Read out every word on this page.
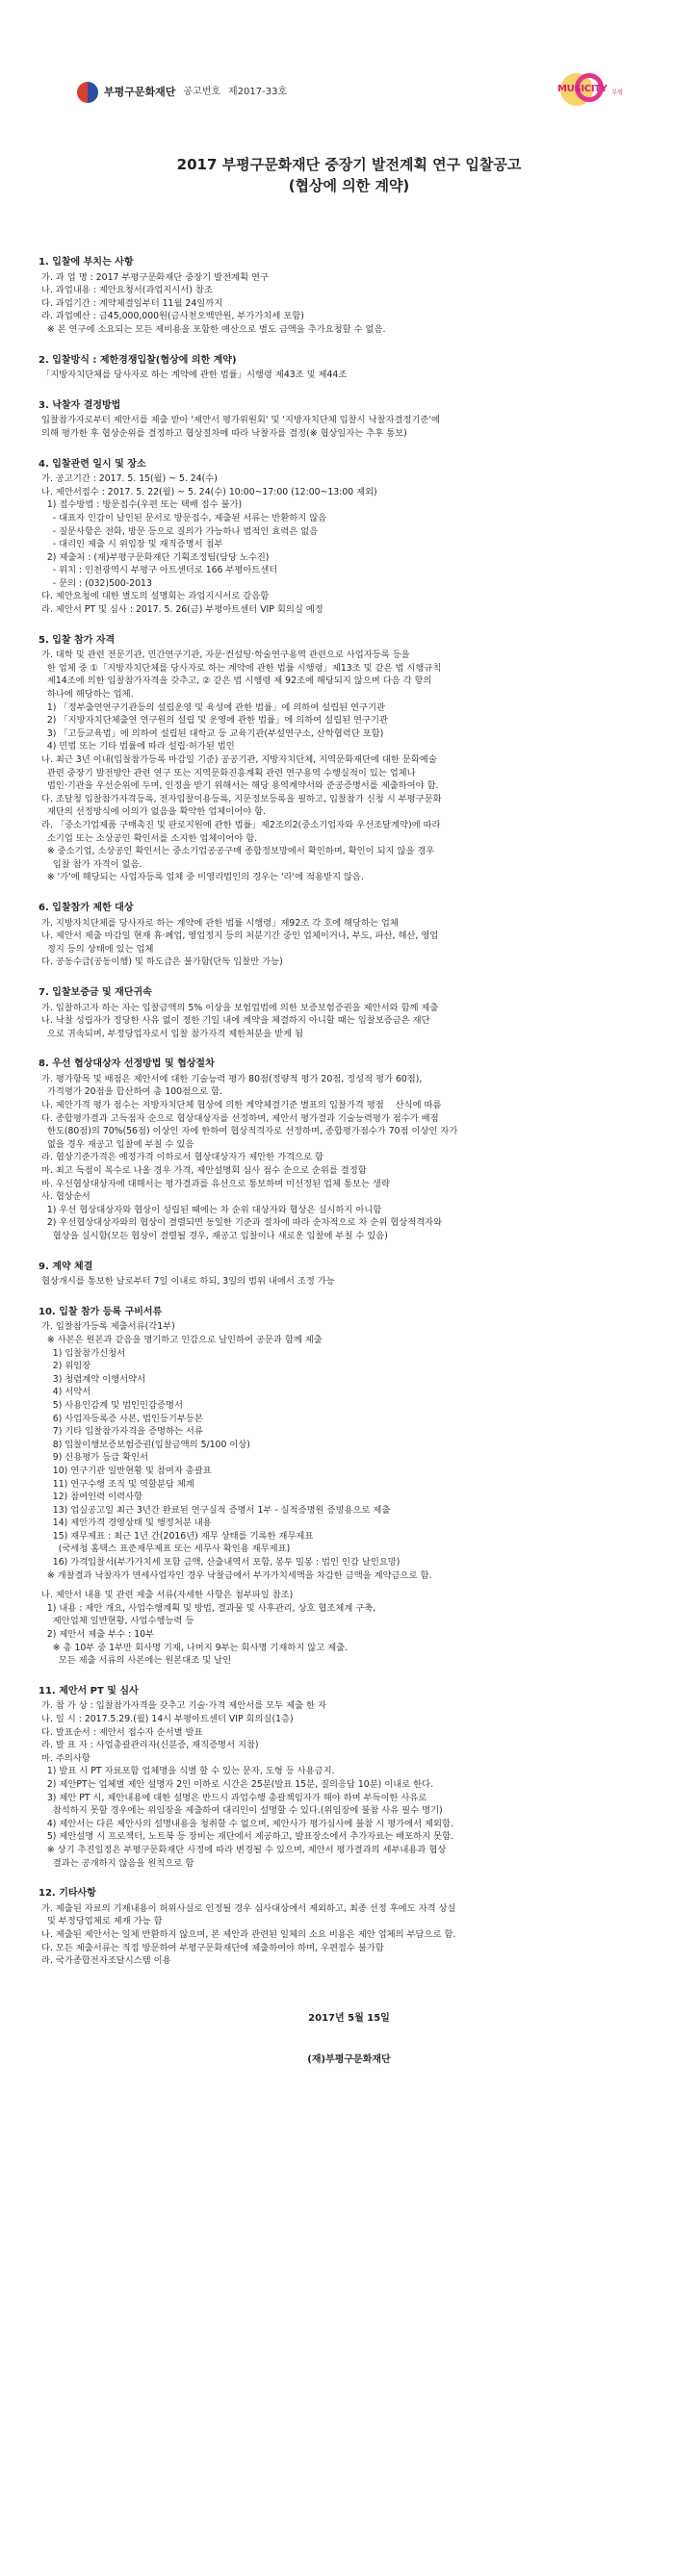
부평구문화재단 공고번호 제2017-33호	MUSICITY 부평
2017 부평구문화재단 중장기 발전계획 연구 입찰공고
(협상에 의한 계약)
1. 입찰에 부치는 사항
가. 과 업 명 : 2017 부평구문화재단 중장기 발전계획 연구
나. 과업내용 : 제안요청서(과업지시서) 참조
다. 과업기간 : 계약체결일부터 11월 24일까지
라. 과업예산 : 금45,000,000원(금사천오백만원, 부가가치세 포함)
※ 본 연구에 소요되는 모든 제비용을 포함한 예산으로 별도 금액을 추가요청할 수 없음.
2. 입찰방식 : 제한경쟁입찰(협상에 의한 계약)
「지방자치단체를 당사자로 하는 계약에 관한 법률」시행령 제43조 및 제44조
3. 낙찰자 결정방법
입찰참가자로부터 제안서를 제출 받아 '제안서 평가위원회' 및 '지방자치단체 입찰시 낙찰자결정기준'에
의해 평가한 후 협상순위를 결정하고 협상절차에 따라 낙찰자를 결정(※ 협상일자는 추후 통보)
4. 입찰관련 일시 및 장소
가. 공고기간 : 2017. 5. 15(월) ~ 5. 24(수)
나. 제안서접수 : 2017. 5. 22(월) ~ 5. 24(수) 10:00~17:00 (12:00~13:00 제외)
1) 접수방법 : 방문접수(우편 또는 택배 접수 불가)
- 대표자 인감이 날인된 문서로 방문접수, 제출된 서류는 반환하지 않음
- 질문사항은 전화, 방문 등으로 질의가 가능하나 법적인 효력은 없음
- 대리인 제출 시 위임장 및 재직증명서 첨부
2) 제출처 : (재)부평구문화재단 기획조정팀(담당 노수진)
- 위치 : 인천광역시 부평구 아트센터로 166 부평아트센터
- 문의 : (032)500-2013
다. 제안요청에 대한 별도의 설명회는 과업지시서로 갈음함
라. 제안서 PT 및 심사 : 2017. 5. 26(금) 부평아트센터 VIP 회의실 예정
5. 입찰 참가 자격
가. 대학 및 관련 전문기관, 민간연구기관, 자문·컨설팅·학술연구용역 관련으로 사업자등록 등을
한 업체 중 ①「지방자치단체를 당사자로 하는 계약에 관한 법률 시행령」제13조 및 같은 법 시행규칙
제14조에 의한 입찰참가자격을 갖추고, ② 같은 법 시행령 제 92조에 해당되지 않으며 다음 각 항의
하나에 해당하는 업체.
1) 「정부출연연구기관등의 설립운영 및 육성에 관한 법률」에 의하여 설립된 연구기관
2) 「지방자치단체출연 연구원의 설립 및 운영에 관한 법률」에 의하여 설립된 연구기관
3) 「고등교육법」에 의하여 설립된 대학교 등 교육기관(부설연구소, 산학협력단 포함)
4) 민법 또는 기타 법률에 따라 설립·허가된 법인
나. 최근 3년 이내(입찰참가등록 마감일 기준) 공공기관, 지방자치단체, 지역문화재단에 대한 문화예술
관련 중장기 발전방안 관련 연구 또는 지역문화진흥계획 관련 연구용역 수행실적이 있는 업체나
법인·기관을 우선순위에 두며, 인정을 받기 위해서는 해당 용역계약서와 준공증명서를 제출하여야 함.
다. 조달청 입찰참가자격등록, 전자입찰이용등록, 지문정보등록을 필하고, 입찰참가 신청 시 부평구문화
재단의 선정방식에 이의가 없음을 확약한 업체이어야 함.
라. 「중소기업제품 구매촉진 및 판로지원에 관한 법률」제2조의2(중소기업자와 우선조달계약)에 따라
소기업 또는 소상공인 확인서를 소지한 업체이어야 함.
※ 중소기업, 소상공인 확인서는 중소기업공공구매 종합정보망에서 확인하며, 확인이 되지 않을 경우
입찰 참가 자격이 없음.
※ '가'에 해당되는 사업자등록 업체 중 비영리법인의 경우는 '라'에 적용받지 않음.
6. 입찰참가 제한 대상
가. 지방자치단체를 당사자로 하는 계약에 관한 법률 시행령」제92조 각 호에 해당하는 업체
나. 제안서 제출 마감일 현재 휴·폐업, 영업정지 등의 처분기간 중인 업체이거나, 부도, 파산, 해산, 영업
정지 등의 상태에 있는 업체
다. 공동수급(공동이행) 및 하도급은 불가함(단독 입찰만 가능)
7. 입찰보증금 및 재단귀속
가. 입찰하고자 하는 자는 입찰금액의 5% 이상을 보험업법에 의한 보증보험증권을 제안서와 함께 제출
나. 낙찰 성립자가 정당한 사유 없이 정한 기일 내에 계약을 체결하지 아니할 때는 입찰보증금은 재단
으로 귀속되며, 부정당업자로서 입찰 참가자격 제한처분을 받게 됨
8. 우선 협상대상자 선정방법 및 협상절차
가. 평가항목 및 배점은 제안서에 대한 기술능력 평가 80점(정량적 평가 20점, 정성적 평가 60점),
가격평가 20점을 합산하여 총 100점으로 함.
나. 제안가격 평가 점수는 지방자치단체 협상에 의한 계약체결기준 별표의 입찰가격 평점    산식에 따름
다. 종합평가결과 고득점자 순으로 협상대상자를 선정하며, 제안서 평가결과 기술능력평가 점수가 배점
한도(80점)의 70%(56점) 이상인 자에 한하여 협상적격자로 선정하며, 종합평가점수가 70점 이상인 자가
없을 경우 재공고 입찰에 부칠 수 있음
라. 협상기준가격은 예정가격 이하로서 협상대상자가 제안한 가격으로 함
마. 최고 득점이 복수로 나올 경우 가격, 제안설명회 심사 점수 순으로 순위를 결정함
바. 우선협상대상자에 대해서는 평가결과를 유선으로 통보하며 미선정된 업체 통보는 생략
사. 협상순서
1) 우선 협상대상자와 협상이 성립된 때에는 차 순위 대상자와 협상은 실시하지 아니함
2) 우선협상대상자와의 협상이 결렬되면 동일한 기준과 절차에 따라 순차적으로 차 순위 협상적격자와
협상을 실시함(모든 협상이 결렬될 경우, 재공고 입찰이나 새로운 입찰에 부칠 수 있음)
9. 계약 체결
협상개시를 통보한 날로부터 7일 이내로 하되, 3일의 범위 내에서 조정 가능
10. 입찰 참가 등록 구비서류
가. 입찰참가등록 제출서류(각1부)
※ 사본은 원본과 같음을 명기하고 인감으로 날인하여 공문과 함께 제출
1) 입찰참가신청서
2) 위임장
3) 청렴계약 이행서약서
4) 서약서
5) 사용인감계 및 법인인감증명서
6) 사업자등록증 사본, 법인등기부등본
7) 기타 입찰참가자격을 증명하는 서류
8) 입찰이행보증보험증권(입찰금액의 5/100 이상)
9) 신용평가 등급 확인서
10) 연구기관 일반현황 및 참여자 총괄표
11) 연구수행 조직 및 역할분담 체계
12) 참여인력 이력사항
13) 업실공고일 최근 3년간 완료된 연구실적 증명서 1부 - 실적증명원 증빙용으로 제출
14) 제안가격 경영상태 및 행정처분 내용
15) 재무제표 : 최근 1년 간(2016년) 재무 상태를 기록한 재무제표
(국세청 홈택스 표준재무제표 또는 세무사 확인용 재무제표)
16) 가격입찰서(부가가치세 포함 금액, 산출내역서 포함, 봉투 밀봉 : 법인 인감 날인요망)
※ 개찰결과 낙찰자가 면세사업자인 경우 낙찰금에서 부가가치세액을 차감한 금액을 계약금으로 함.
나. 제안서 내용 및 관련 제출 서류(자세한 사항은 첨부파일 참조)
1) 내용 : 제안 개요, 사업수행계획 및 방법, 결과물 및 사후관리, 상호 협조체계 구축,
제안업체 일반현황, 사업수행능력 등
2) 제안서 제출 부수 : 10부
※ 총 10부 중 1부만 회사명 기재, 나머지 9부는 회사명 기재하지 않고 제출.
모든 제출 서류의 사본에는 원본대조 및 날인
11. 제안서 PT 및 심사
가. 참 가 상 : 입찰참가자격을 갖추고 기술·가격 제안서를 모두 제출 한 자
나. 일 시 : 2017.5.29.(월) 14시 부평아트센터 VIP 회의실(1층)
다. 발표순서 : 제안서 접수자 순서별 발표
라. 발 표 자 : 사업총괄관리자(신분증, 재직증명서 지참)
마. 주의사항
1) 발표 시 PT 자료포함 업체명을 식별 할 수 있는 문자, 도형 등 사용금지.
2) 제안PT는 업체별 제안 설명자 2인 이하로 시간은 25분(발표 15분, 질의응답 10분) 이내로 한다.
3) 제안 PT 시, 제안내용에 대한 설명은 반드시 과업수행 총괄책임자가 해야 하며 부득이한 사유로
참석하지 못할 경우에는 위임장을 제출하여 대리인이 설명할 수 있다.(위임장에 불참 사유 필수 명기)
4) 제안서는 다른 제안사의 설명내용을 청취할 수 없으며, 제안사가 평가심사에 불참 시 평가에서 제외함.
5) 제안설명 시 프로젝터, 노트북 등 장비는 재단에서 제공하고, 발표장소에서 추가자료는 배포하지 못함.
※ 상기 추진일정은 부평구문화재단 사정에 따라 변경될 수 있으며, 제안서 평가결과의 세부내용과 협상
결과는 공개하지 않음을 원칙으로 함
12. 기타사항
가. 제출된 자료의 기재내용이 허위사실로 인정될 경우 심사대상에서 제외하고, 최종 선정 후에도 자격 상실
및 부정당업체로 제재 가능 함
나. 제출된 제안서는 일체 반환하지 않으며, 본 제안과 관련된 일체의 소요 비용은 제안 업체의 부담으로 함.
다. 모든 제출서류는 직접 방문하여 부평구문화재단에 제출하여야 하며, 우편접수 불가함
라. 국가종합전자조달시스템 이용
2017년 5월 15일
(재)부평구문화재단
